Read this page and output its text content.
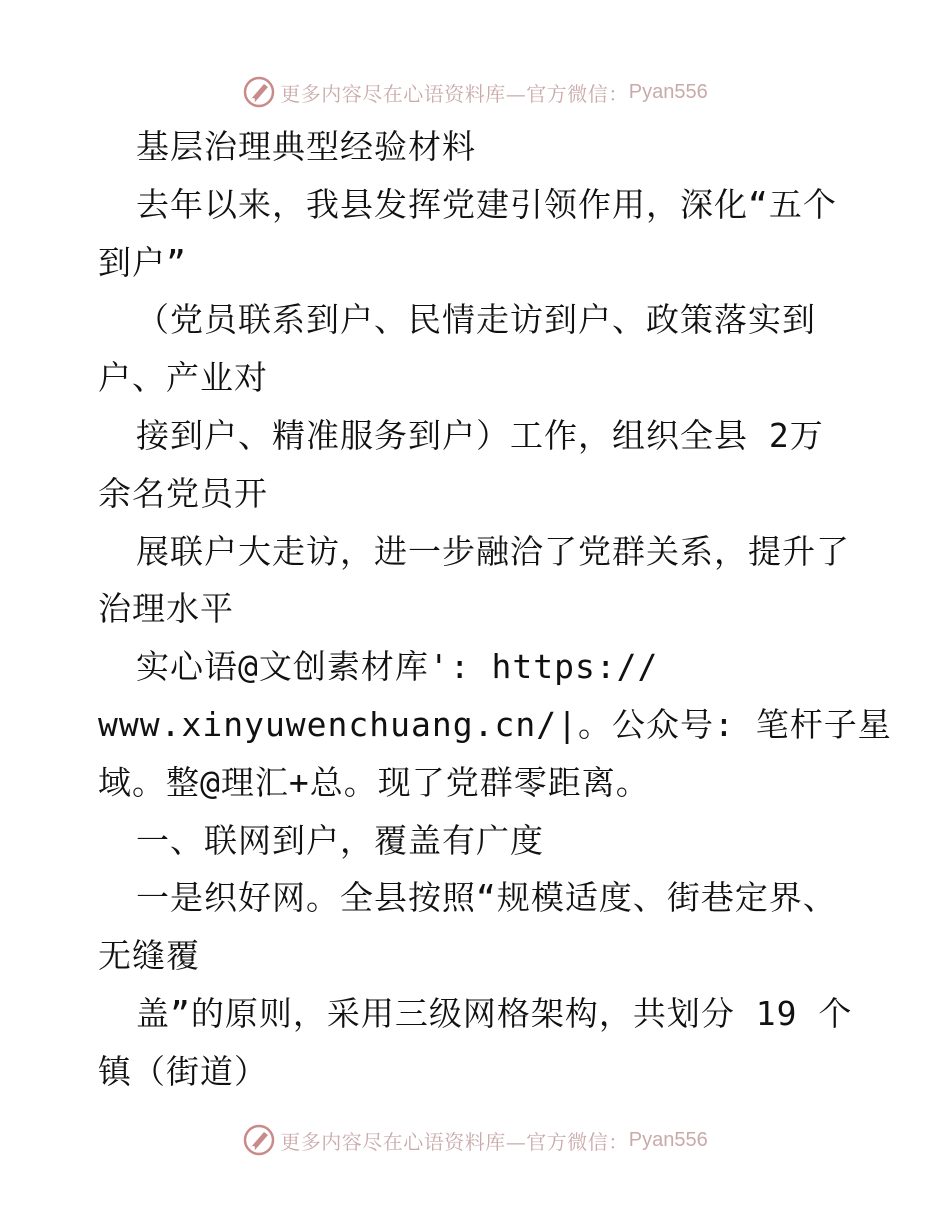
更多内容尽在心语资料库—官方微信： Pyan556
基层治理典型经验材料
去年以来，我县发挥党建引领作用，深化“五个
到户”
（党员联系到户、民情走访到户、政策落实到
户、产业对
接到户、精准服务到户）工作，组织全县 2万
余名党员开
展联户大走访，进一步融洽了党群关系，提升了
治理水平
实心语@文创素材库': https://
www.xinyuwenchuang.cn/|。公众号: 笔杆子星
域。整@理汇+总。现了党群零距离。
一、联网到户，覆盖有广度
一是织好网。全县按照“规模适度、街巷定界、
无缝覆
盖”的原则，采用三级网格架构，共划分 19 个
镇（街道）
更多内容尽在心语资料库—官方微信： Pyan556
